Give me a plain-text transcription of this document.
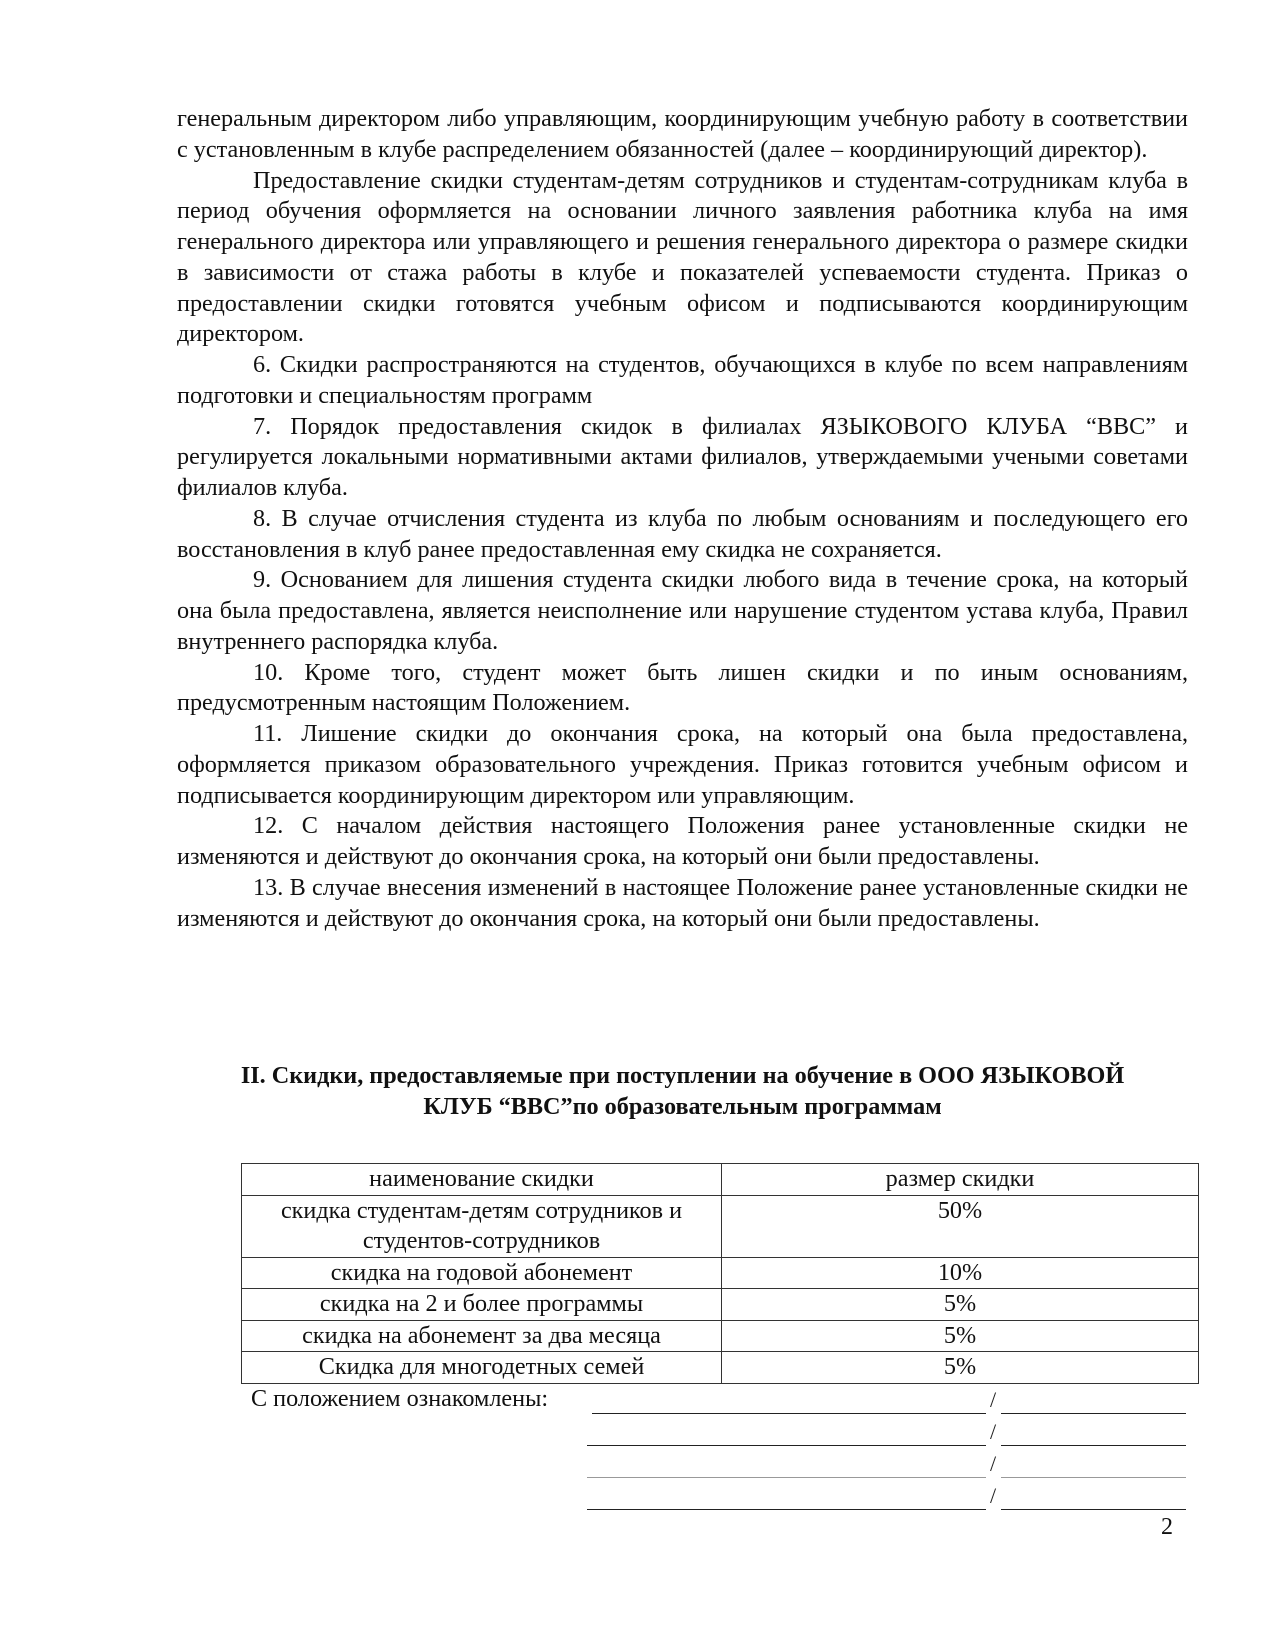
генеральным директором либо управляющим, координирующим учебную работу в соответствии с установленным в клубе распределением обязанностей (далее – координирующий директор).

Предоставление скидки студентам-детям сотрудников и студентам-сотрудникам клуба в период обучения оформляется на основании личного заявления работника клуба на имя генерального директора или управляющего и решения генерального директора о размере скидки в зависимости от стажа работы в клубе и показателей успеваемости студента. Приказ о предоставлении скидки готовятся учебным офисом и подписываются координирующим директором.

6. Скидки распространяются на студентов, обучающихся в клубе по всем направлениям подготовки и специальностям программ

7. Порядок предоставления скидок в филиалах ЯЗЫКОВОГО КЛУБА “ВВС” и регулируется локальными нормативными актами филиалов, утверждаемыми учеными советами филиалов клуба.

8. В случае отчисления студента из клуба по любым основаниям и последующего его восстановления в клуб ранее предоставленная ему скидка не сохраняется.

9. Основанием для лишения студента скидки любого вида в течение срока, на который она была предоставлена, является неисполнение или нарушение студентом устава клуба, Правил внутреннего распорядка клуба.

10. Кроме того, студент может быть лишен скидки и по иным основаниям, предусмотренным настоящим Положением.

11. Лишение скидки до окончания срока, на который она была предоставлена, оформляется приказом образовательного учреждения. Приказ готовится учебным офисом и подписывается координирующим директором или управляющим.

12. С началом действия настоящего Положения ранее установленные скидки не изменяются и действуют до окончания срока, на который они были предоставлены.

13. В случае внесения изменений в настоящее Положение ранее установленные скидки не изменяются и действуют до окончания срока, на который они были предоставлены.

II. Скидки, предоставляемые при поступлении на обучение в ООО ЯЗЫКОВОЙ
КЛУБ “ВВС”по образовательным программам
наименование скидки	размер скидки
скидка студентам-детям сотрудников и студентов-сотрудников	50%
скидка на годовой абонемент	10%
скидка на 2 и более программы	5%
скидка на абонемент за два месяца	5%
Скидка для многодетных семей	5%
С положением ознакомлены:	/
/
/
/
2
